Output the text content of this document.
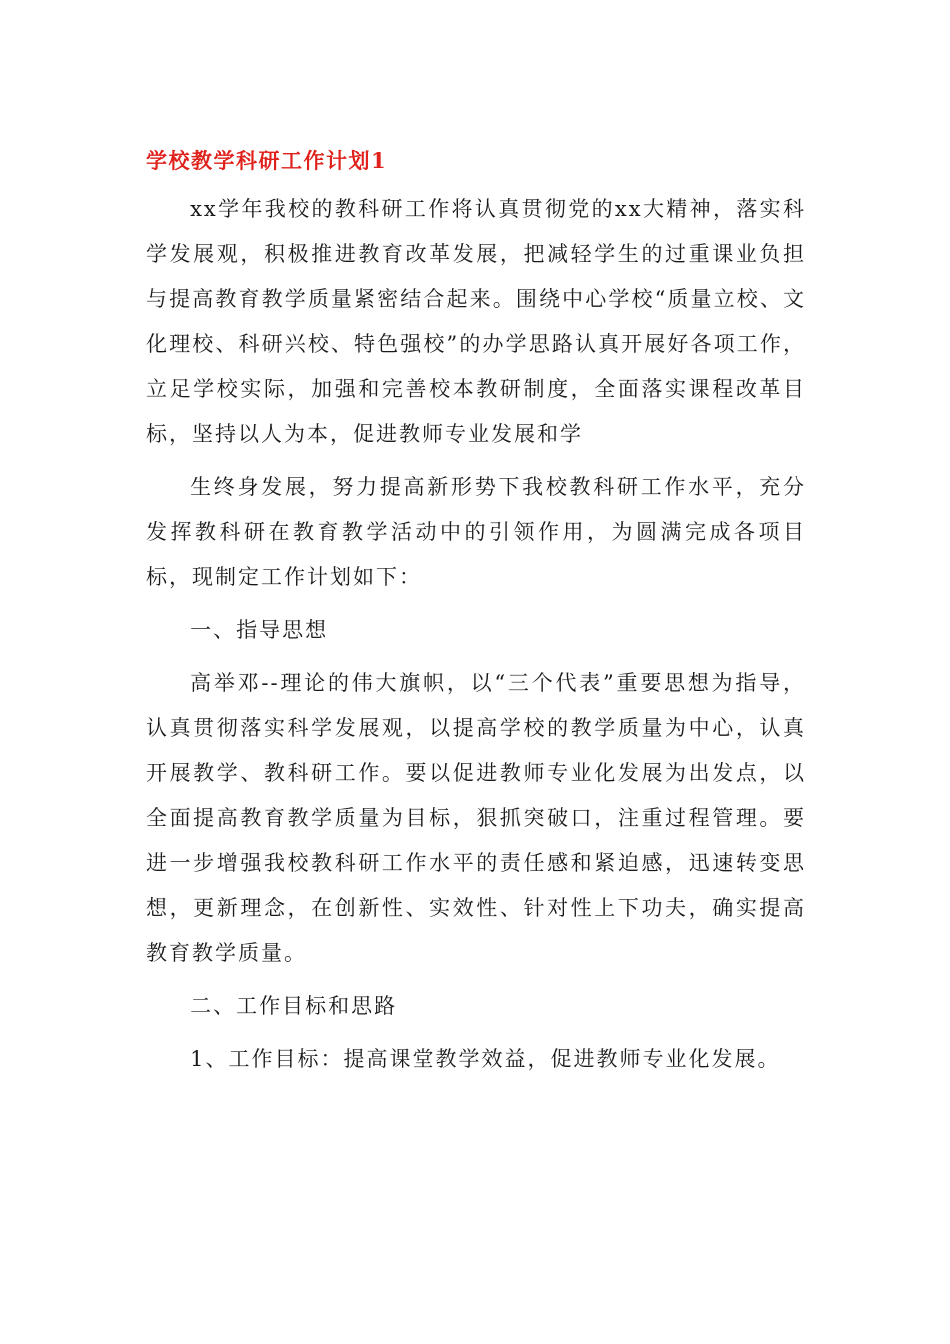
学校教学科研工作计划1

xx学年我校的教科研工作将认真贯彻党的xx大精神，落实科学发展观，积极推进教育改革发展，把减轻学生的过重课业负担与提高教育教学质量紧密结合起来。围绕中心学校“质量立校、文化理校、科研兴校、特色强校”的办学思路认真开展好各项工作，立足学校实际，加强和完善校本教研制度，全面落实课程改革目标，坚持以人为本，促进教师专业发展和学

生终身发展，努力提高新形势下我校教科研工作水平，充分发挥教科研在教育教学活动中的引领作用，为圆满完成各项目标，现制定工作计划如下：

一、指导思想

高举邓--理论的伟大旗帜，以“三个代表”重要思想为指导，认真贯彻落实科学发展观，以提高学校的教学质量为中心，认真开展教学、教科研工作。要以促进教师专业化发展为出发点，以全面提高教育教学质量为目标，狠抓突破口，注重过程管理。要进一步增强我校教科研工作水平的责任感和紧迫感，迅速转变思想，更新理念，在创新性、实效性、针对性上下功夫，确实提高教育教学质量。

二、工作目标和思路

1、工作目标：提高课堂教学效益，促进教师专业化发展。
